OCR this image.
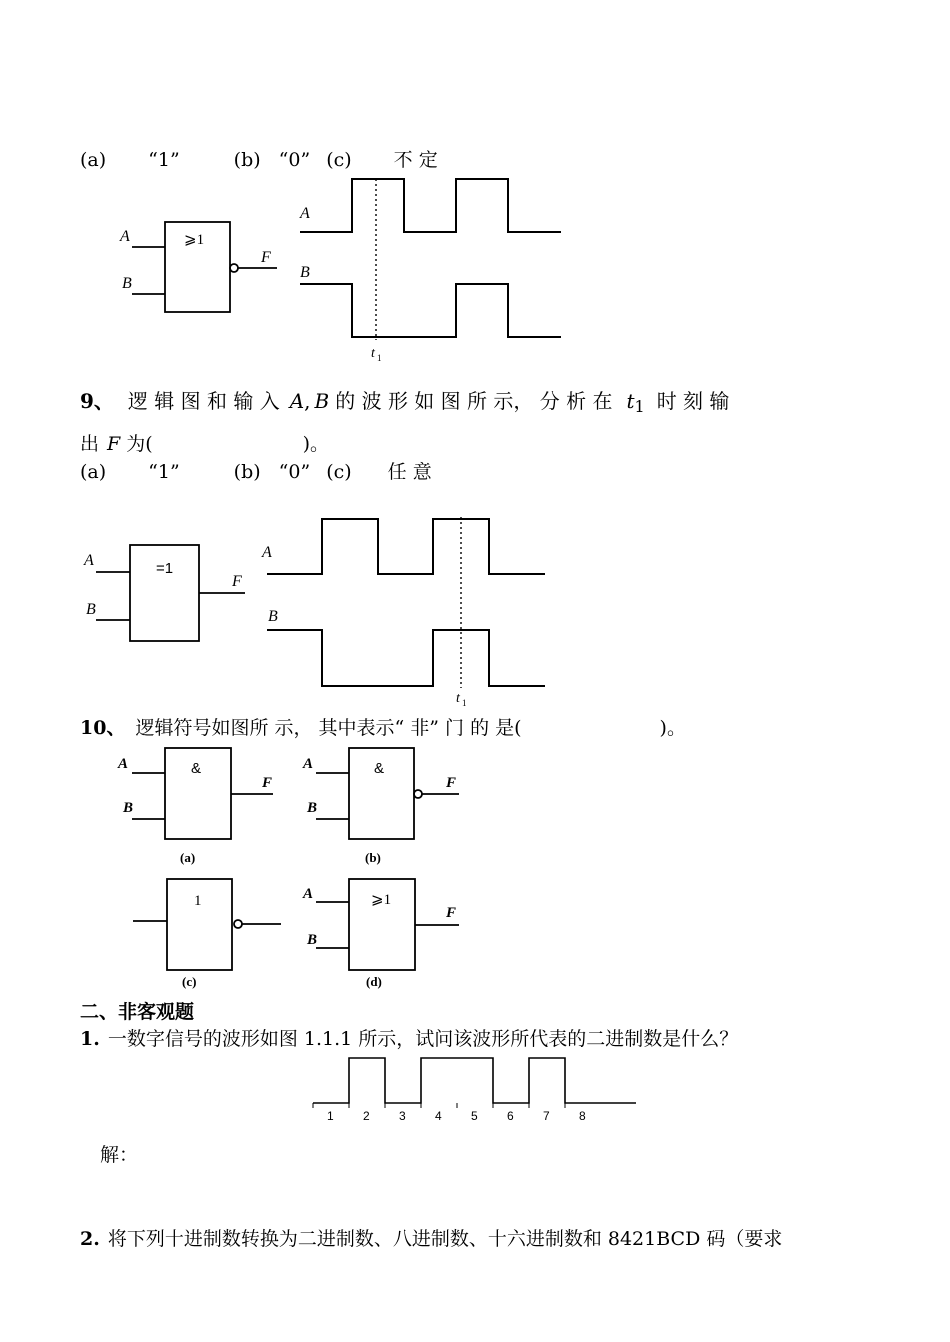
(a) “1”	(b) “0” (c) 不 定
⩾1
A
B
F
A
B
t 1
=1
A
B
F
A
B
t 1
&
A
B
F
(a)
&
A
B
F
(b)
1
(c)
⩾1
A
B
F
(d)
1 2 3 4 5 6 7 8
9、 逻 辑 图 和 输 入 A, B 的 波 形 如 图 所 示， 分 析 在 $t_1$ 时 刻 输
出 F 为(	)。
(a) “1”	(b) “0” (c) 任 意
10、 逻辑符号如图所 示， 其中表示“ 非” 门 的 是(	)。
二、非客观题
1. 一数字信号的波形如图 1.1.1 所示，试问该波形所代表的二进制数是什么？
解：
2. 将下列十进制数转换为二进制数、八进制数、十六进制数和 8421BCD 码（要求
